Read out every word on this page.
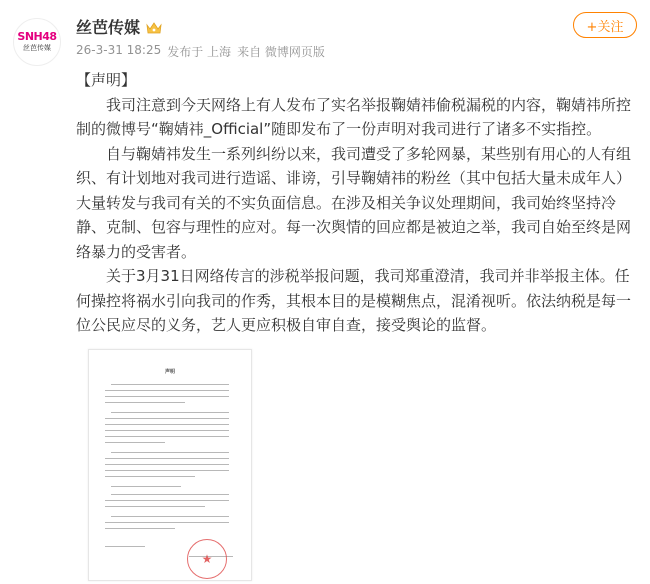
SNH48
丝芭传媒
丝芭传媒
26-3-31 18:25 发布于 上海 来自 微博网页版
+关注

【声明】

我司注意到今天网络上有人发布了实名举报鞠婧祎偷税漏税的内容，鞠婧祎所控制的微博号“鞠婧祎_Official”随即发布了一份声明对我司进行了诸多不实指控。

自与鞠婧祎发生一系列纠纷以来，我司遭受了多轮网暴，某些别有用心的人有组织、有计划地对我司进行造谣、诽谤，引导鞠婧祎的粉丝（其中包括大量未成年人）大量转发与我司有关的不实负面信息。在涉及相关争议处理期间，我司始终坚持冷静、克制、包容与理性的应对。每一次舆情的回应都是被迫之举，我司自始至终是网络暴力的受害者。

关于3月31日网络传言的涉税举报问题，我司郑重澄清，我司并非举报主体。任何操控将祸水引向我司的作秀，其根本目的是模糊焦点，混淆视听。依法纳税是每一位公民应尽的义务，艺人更应积极自审自查，接受舆论的监督。

声明
★
